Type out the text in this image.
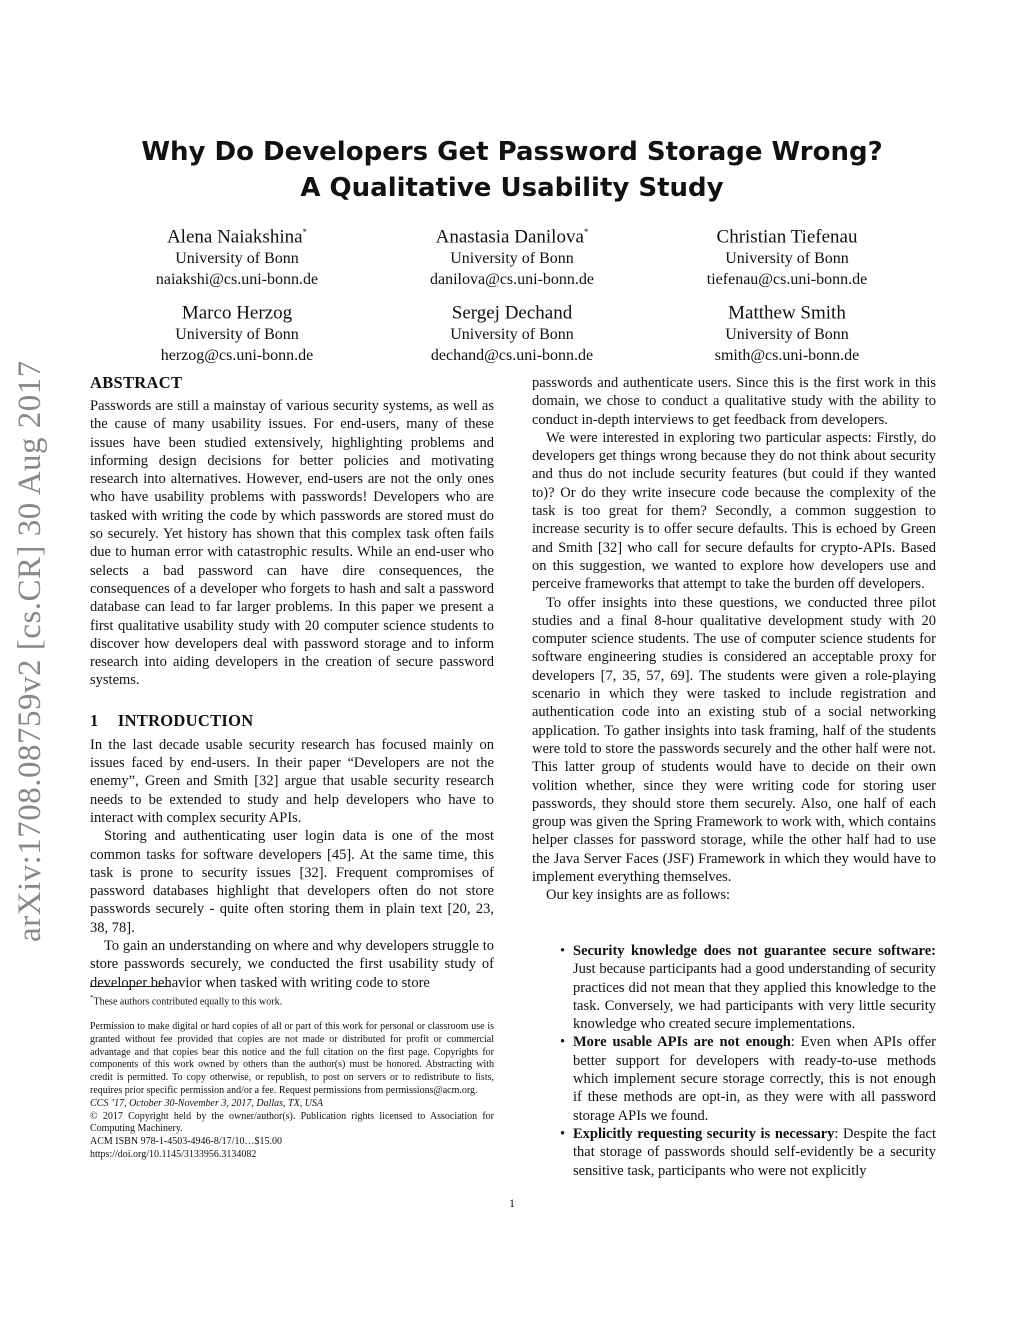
arXiv:1708.08759v2 [cs.CR] 30 Aug 2017
Why Do Developers Get Password Storage Wrong?
A Qualitative Usability Study
Alena Naiakshina*
University of Bonn
naiakshi@cs.uni-bonn.de
Anastasia Danilova*
University of Bonn
danilova@cs.uni-bonn.de
Christian Tiefenau
University of Bonn
tiefenau@cs.uni-bonn.de
Marco Herzog
University of Bonn
herzog@cs.uni-bonn.de
Sergej Dechand
University of Bonn
dechand@cs.uni-bonn.de
Matthew Smith
University of Bonn
smith@cs.uni-bonn.de
ABSTRACT

Passwords are still a mainstay of various security systems, as well as the cause of many usability issues. For end-users, many of these issues have been studied extensively, highlighting problems and informing design decisions for better policies and motivating research into alternatives. However, end-users are not the only ones who have usability problems with passwords! Developers who are tasked with writing the code by which passwords are stored must do so securely. Yet history has shown that this complex task often fails due to human error with catastrophic results. While an end-user who selects a bad password can have dire consequences, the consequences of a developer who forgets to hash and salt a password database can lead to far larger problems. In this paper we present a first qualitative usability study with 20 computer science students to discover how developers deal with password storage and to inform research into aiding developers in the creation of secure password systems.

1 INTRODUCTION

In the last decade usable security research has focused mainly on issues faced by end-users. In their paper “Developers are not the enemy”, Green and Smith [32] argue that usable security research needs to be extended to study and help developers who have to interact with complex security APIs.

Storing and authenticating user login data is one of the most common tasks for software developers [45]. At the same time, this task is prone to security issues [32]. Frequent compromises of password databases highlight that developers often do not store passwords securely - quite often storing them in plain text [20, 23, 38, 78].

To gain an understanding on where and why developers struggle to store passwords securely, we conducted the first usability study of developer behavior when tasked with writing code to store

*These authors contributed equally to this work.

Permission to make digital or hard copies of all or part of this work for personal or classroom use is granted without fee provided that copies are not made or distributed for profit or commercial advantage and that copies bear this notice and the full citation on the first page. Copyrights for components of this work owned by others than the author(s) must be honored. Abstracting with credit is permitted. To copy otherwise, or republish, to post on servers or to redistribute to lists, requires prior specific permission and/or a fee. Request permissions from permissions@acm.org.

CCS ’17, October 30-November 3, 2017, Dallas, TX, USA

© 2017 Copyright held by the owner/author(s). Publication rights licensed to Association for Computing Machinery.

ACM ISBN 978-1-4503-4946-8/17/10…$15.00

https://doi.org/10.1145/3133956.3134082

passwords and authenticate users. Since this is the first work in this domain, we chose to conduct a qualitative study with the ability to conduct in-depth interviews to get feedback from developers.

We were interested in exploring two particular aspects: Firstly, do developers get things wrong because they do not think about security and thus do not include security features (but could if they wanted to)? Or do they write insecure code because the complexity of the task is too great for them? Secondly, a common suggestion to increase security is to offer secure defaults. This is echoed by Green and Smith [32] who call for secure defaults for crypto-APIs. Based on this suggestion, we wanted to explore how developers use and perceive frameworks that attempt to take the burden off developers.

To offer insights into these questions, we conducted three pilot studies and a final 8-hour qualitative development study with 20 computer science students. The use of computer science students for software engineering studies is considered an acceptable proxy for developers [7, 35, 57, 69]. The students were given a role-playing scenario in which they were tasked to include registration and authentication code into an existing stub of a social networking application. To gather insights into task framing, half of the students were told to store the passwords securely and the other half were not. This latter group of students would have to decide on their own volition whether, since they were writing code for storing user passwords, they should store them securely. Also, one half of each group was given the Spring Framework to work with, which contains helper classes for password storage, while the other half had to use the Java Server Faces (JSF) Framework in which they would have to implement everything themselves.

Our key insights are as follows:

• Security knowledge does not guarantee secure software: Just because participants had a good understanding of security practices did not mean that they applied this knowledge to the task. Conversely, we had participants with very little security knowledge who created secure implementations.
• More usable APIs are not enough: Even when APIs offer better support for developers with ready-to-use methods which implement secure storage correctly, this is not enough if these methods are opt-in, as they were with all password storage APIs we found.
• Explicitly requesting security is necessary: Despite the fact that storage of passwords should self-evidently be a security sensitive task, participants who were not explicitly
1
